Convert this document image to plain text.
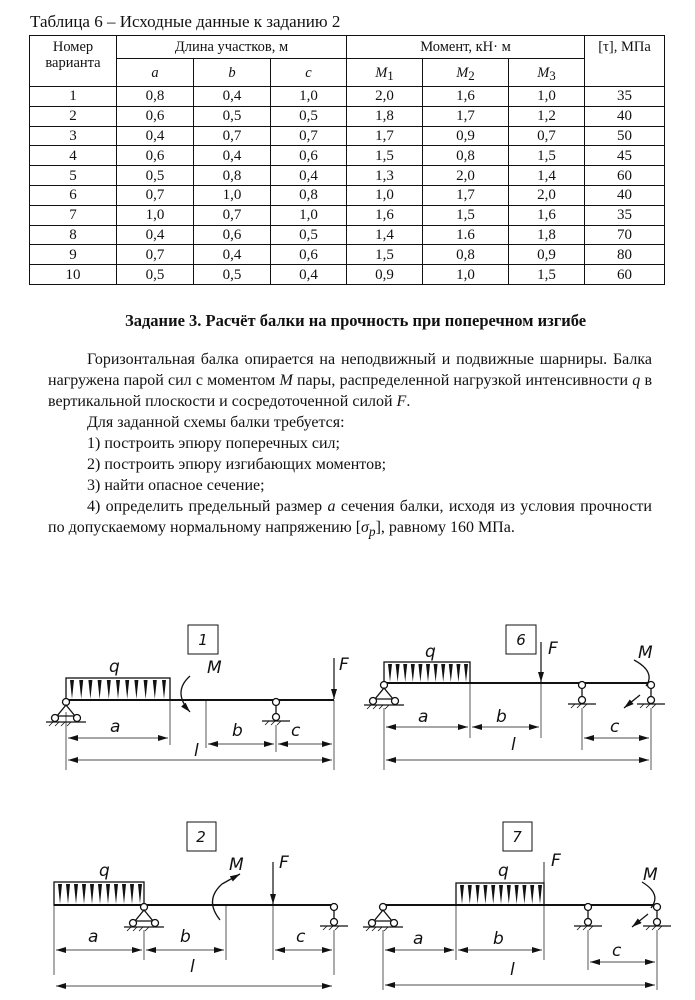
Таблица 6 – Исходные данные к заданию 2
Номер
варианта	Длина участков, м			Момент, кН· м			[τ], МПа
	a	b	c	$M_1$	$M_2$	$M_3$
1	0,8	0,4	1,0	2,0	1,6	1,0	35
2	0,6	0,5	0,5	1,8	1,7	1,2	40
3	0,4	0,7	0,7	1,7	0,9	0,7	50
4	0,6	0,4	0,6	1,5	0,8	1,5	45
5	0,5	0,8	0,4	1,3	2,0	1,4	60
6	0,7	1,0	0,8	1,0	1,7	2,0	40
7	1,0	0,7	1,0	1,6	1,5	1,6	35
8	0,4	0,6	0,5	1,4	1.6	1,8	70
9	0,7	0,4	0,6	1,5	0,8	0,9	80
10	0,5	0,5	0,4	0,9	1,0	1,5	60
Задание 3. Расчёт балки на прочность при поперечном изгибе

Горизонтальная балка опирается на неподвижный и подвижные шарниры. Балка нагружена парой сил с моментом M пары, распределенной нагрузкой интенсивности q в вертикальной плоскости и сосредоточенной силой F.

Для заданной схемы балки требуется:

1) построить эпюру поперечных сил;

2) построить эпюру изгибающих моментов;

3) найти опасное сечение;

4) определить предельный размер a сечения балки, исходя из условия прочности по допускаемому нормальному напряжению $[\sigma_p]$, равному 160 МПа.

1
q	M	F
a	b	c
l
6
q	F	M
a	b	c
l
2
q	M F
a	b	c
l
7
q F
M
a	b
c
l
